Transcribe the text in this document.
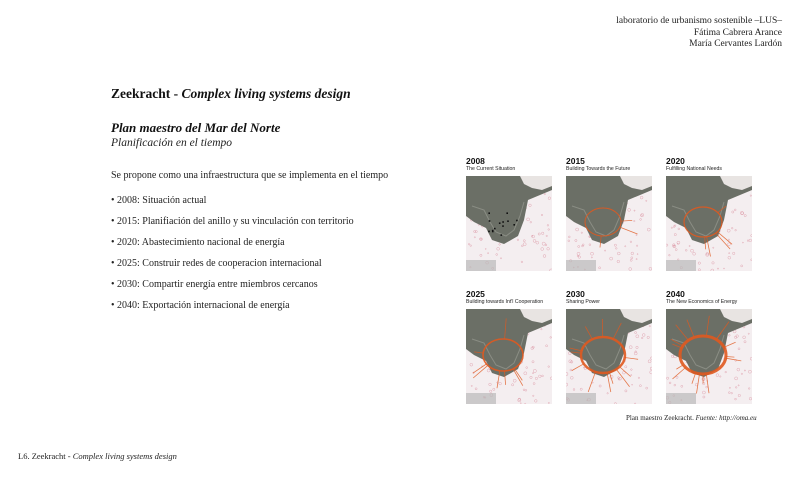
laboratorio de urbanismo sostenible –LUS–
Fátima Cabrera Arance
María Cervantes Lardón
Zeekracht - Complex living systems design
Plan maestro del Mar del Norte
Planificación en el tiempo
Se propone como una infraestructura que se implementa en el tiempo
• 2008: Situación actual
• 2015: Planifiación del anillo y su vinculación con territorio
• 2020: Abastecimiento nacional de energía
• 2025: Construir redes de cooperacion internacional
• 2030: Compartir energía entre miembros cercanos
• 2040: Exportación internacional de energía
2008
The Current Situation
2015
Building Towards the Future
2020
Fulfilling National Needs
2025
Building towards Int'l Cooperation
2030
Sharing Power
2040
The New Economics of Energy
Plan maestro Zeekracht. Fuente: http://oma.eu
L6. Zeekracht - Complex living systems design
